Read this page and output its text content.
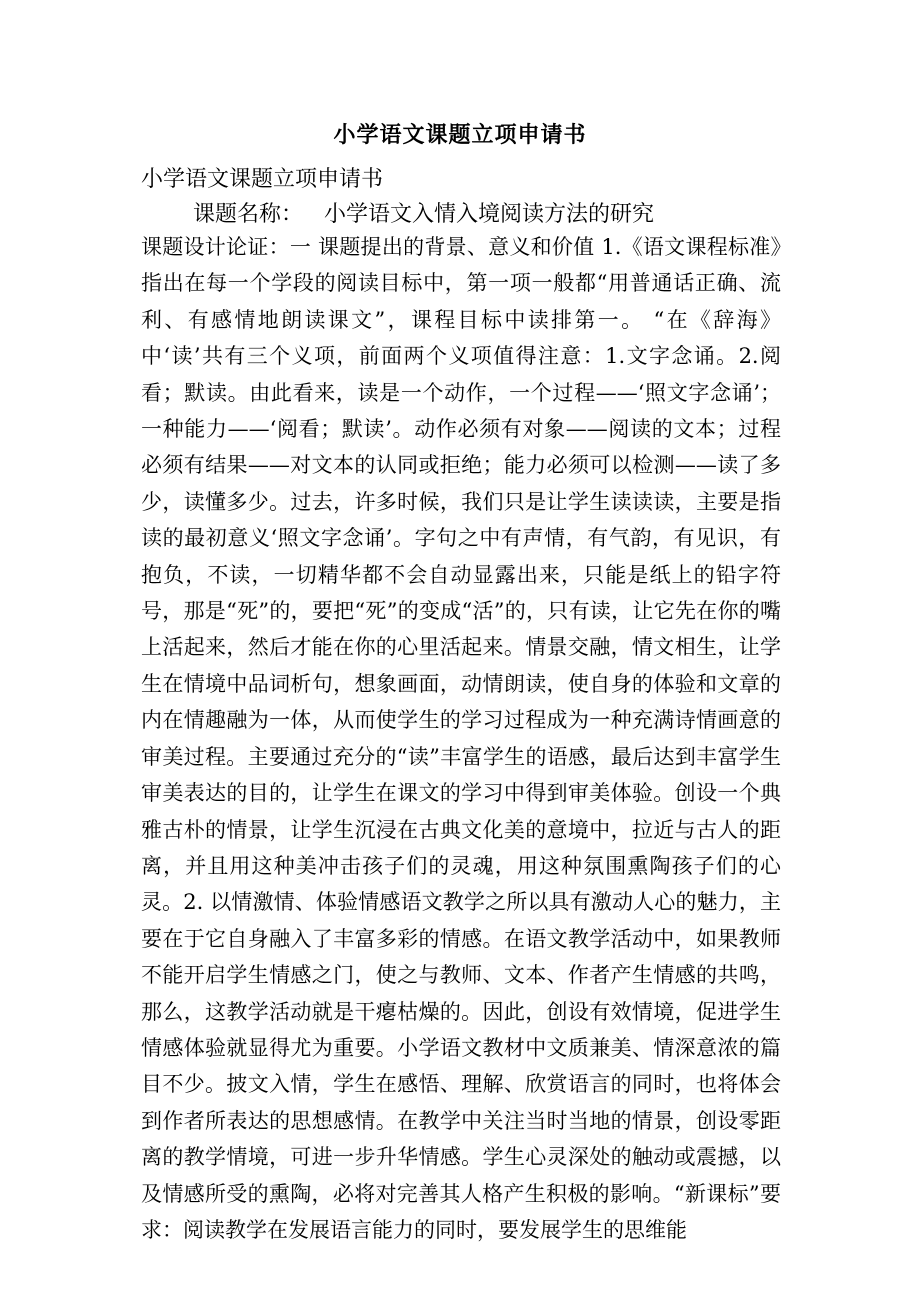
小学语文课题立项申请书
小学语文课题立项申请书
课题名称： 小学语文入情入境阅读方法的研究

课题设计论证：一 课题提出的背景、意义和价值 1.《语文课程标准》指出在每一个学段的阅读目标中，第一项一般都“用普通话正确、流利、有感情地朗读课文”，课程目标中读排第一。 “在《辞海》中‘读’共有三个义项，前面两个义项值得注意：1.文字念诵。2.阅看；默读。由此看来，读是一个动作，一个过程——‘照文字念诵’；一种能力——‘阅看；默读’。动作必须有对象——阅读的文本；过程必须有结果——对文本的认同或拒绝；能力必须可以检测——读了多少，读懂多少。过去，许多时候，我们只是让学生读读读，主要是指读的最初意义‘照文字念诵’。字句之中有声情，有气韵，有见识，有抱负，不读，一切精华都不会自动显露出来，只能是纸上的铅字符号，那是“死”的，要把“死”的变成“活”的，只有读，让它先在你的嘴上活起来，然后才能在你的心里活起来。情景交融，情文相生，让学生在情境中品词析句，想象画面，动情朗读，使自身的体验和文章的内在情趣融为一体，从而使学生的学习过程成为一种充满诗情画意的审美过程。主要通过充分的“读”丰富学生的语感，最后达到丰富学生审美表达的目的，让学生在课文的学习中得到审美体验。创设一个典雅古朴的情景，让学生沉浸在古典文化美的意境中，拉近与古人的距离，并且用这种美冲击孩子们的灵魂，用这种氛围熏陶孩子们的心灵。2. 以情激情、体验情感语文教学之所以具有激动人心的魅力，主要在于它自身融入了丰富多彩的情感。在语文教学活动中，如果教师不能开启学生情感之门，使之与教师、文本、作者产生情感的共鸣，那么，这教学活动就是干瘪枯燥的。因此，创设有效情境，促进学生情感体验就显得尤为重要。小学语文教材中文质兼美、情深意浓的篇目不少。披文入情，学生在感悟、理解、欣赏语言的同时，也将体会到作者所表达的思想感情。在教学中关注当时当地的情景，创设零距离的教学情境，可进一步升华情感。学生心灵深处的触动或震撼，以及情感所受的熏陶，必将对完善其人格产生积极的影响。“新课标”要求：阅读教学在发展语言能力的同时，要发展学生的思维能
